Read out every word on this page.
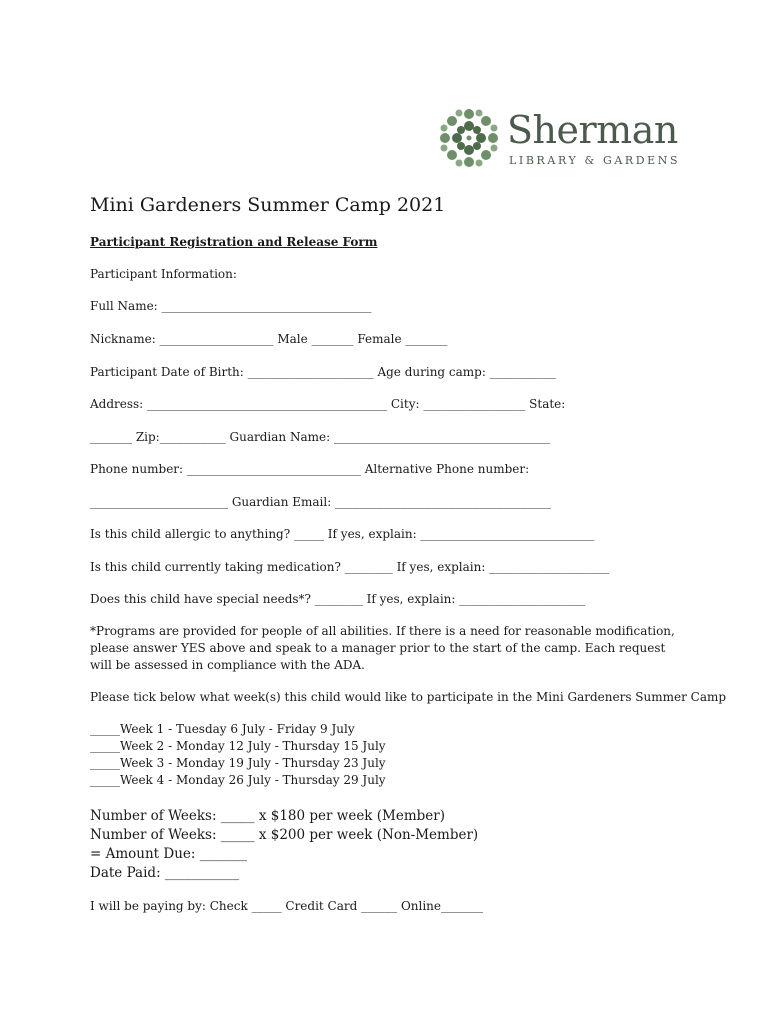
Sherman
LIBRARY & GARDENS
Mini Gardeners Summer Camp 2021
Participant Registration and Release Form
Participant Information:
Full Name: ___________________________________
Nickname: ___________________ Male _______ Female _______
Participant Date of Birth: _____________________ Age during camp: ___________
Address: ________________________________________ City: _________________ State:
_______ Zip:___________ Guardian Name: ____________________________________
Phone number: _____________________________ Alternative Phone number:
_______________________ Guardian Email: ____________________________________
Is this child allergic to anything? _____ If yes, explain: _____________________________
Is this child currently taking medication? ________ If yes, explain: ____________________
Does this child have special needs*? ________ If yes, explain: _____________________
*Programs are provided for people of all abilities. If there is a need for reasonable modification, please answer YES above and speak to a manager prior to the start of the camp. Each request will be assessed in compliance with the ADA.
Please tick below what week(s) this child would like to participate in the Mini Gardeners Summer Camp
_____Week 1 - Tuesday 6 July - Friday 9 July
_____Week 2 - Monday 12 July - Thursday 15 July
_____Week 3 - Monday 19 July - Thursday 23 July
_____Week 4 - Monday 26 July - Thursday 29 July
Number of Weeks: _____ x $180 per week (Member)
Number of Weeks: _____ x $200 per week (Non-Member)
= Amount Due: _______
Date Paid: ___________
I will be paying by: Check _____ Credit Card ______ Online_______
